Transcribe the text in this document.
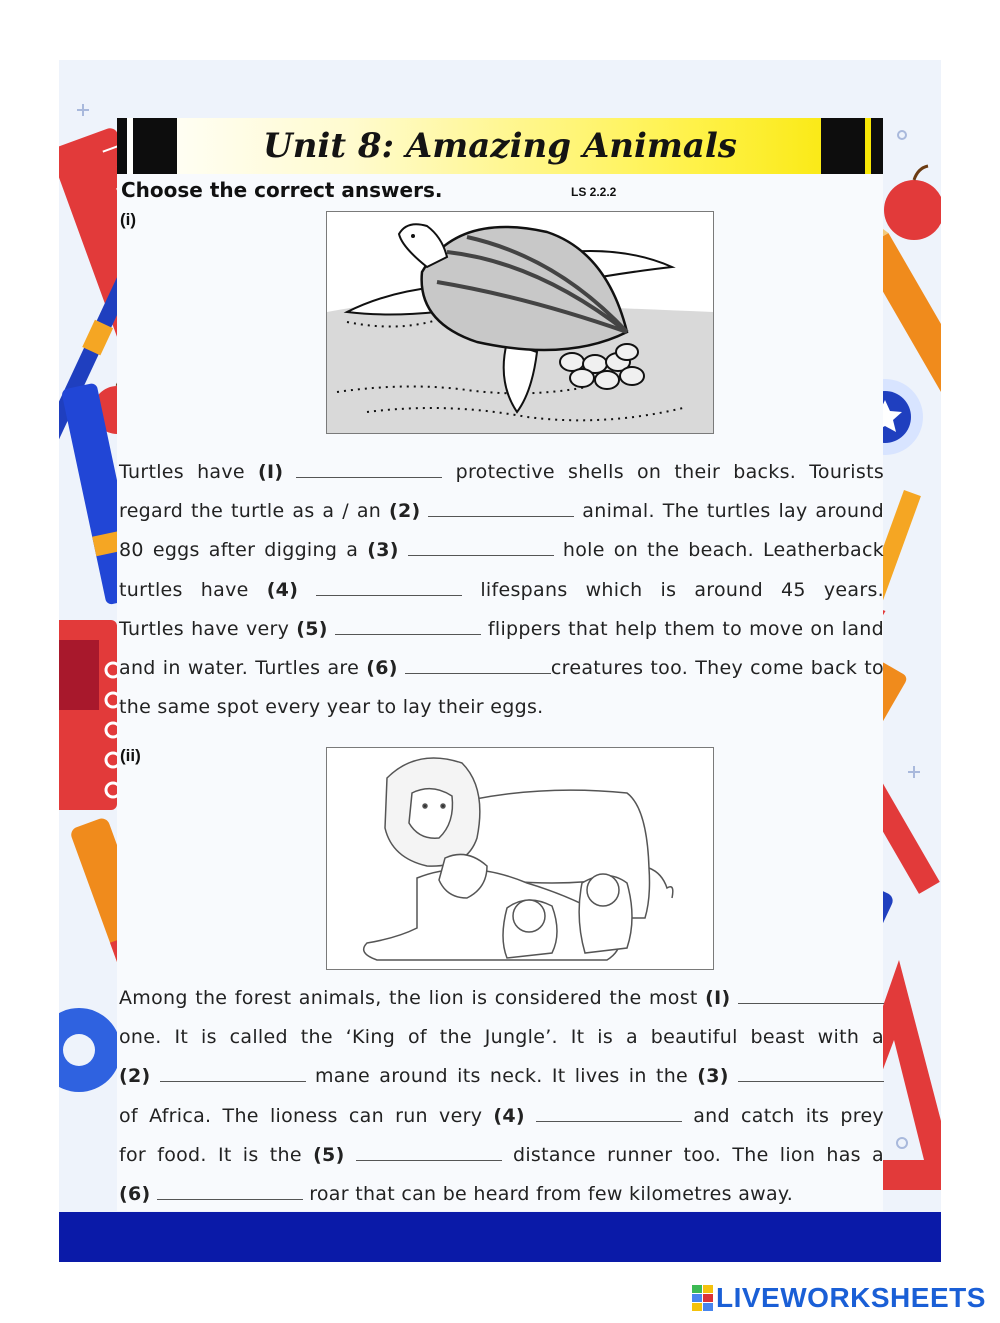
Unit 8: Amazing Animals
Choose the correct answers.	LS 2.2.2
(i)
Turtles have (I)	protective shells on their backs. Tourists
regard the turtle as a / an (2)	animal. The turtles lay around
80 eggs after digging a (3)	hole on the beach. Leatherback
turtles have (4)	lifespans which is around 45 years.
Turtles have very (5)	flippers that help them to move on land
and in water. Turtles are (6)	creatures too. They come back to
the same spot every year to lay their eggs.
(ii)
Among the forest animals, the lion is considered the most (I)
one. It is called the ‘King of the Jungle’. It is a beautiful beast with a
(2)	mane around its neck. It lives in the (3)
of Africa. The lioness can run very (4)	and catch its prey
for food. It is the (5)	distance runner too. The lion has a
(6)	roar that can be heard from few kilometres away.
LIVEWORKSHEETS
